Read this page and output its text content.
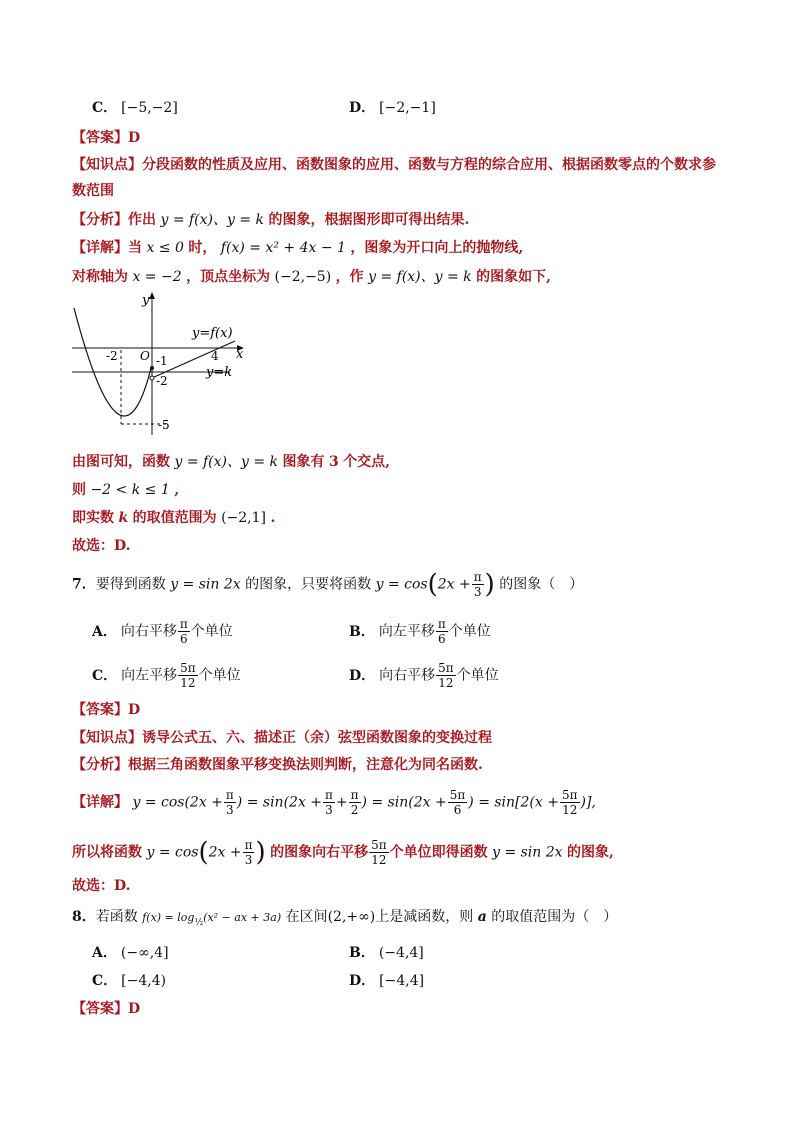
C． [−5,−2]	D． [−2,−1]
【答案】D
【知识点】分段函数的性质及应用、函数图象的应用、函数与方程的综合应用、根据函数零点的个数求参
数范围
【分析】作出 y = f(x)、y = k 的图象，根据图形即可得出结果.
【详解】当 x ≤ 0 时， f(x) = x² + 4x − 1 ，图象为开口向上的抛物线,
对称轴为 x = −2 ，顶点坐标为 (−2,−5) ，作 y = f(x)、y = k 的图象如下,
y
x
O
-2	4
-1
-2
-5
y=f(x)
y=k
由图可知，函数 y = f(x)、y = k 图象有 3 个交点,
则 −2 < k ≤ 1 ,
即实数 k 的取值范围为 (−2,1] .
故选：D.
7．要得到函数 y = sin 2x 的图象，只要将函数 $y = \cos(2x + \frac{\pi}{3}$ ) 的图象（　）
A． 向右平移 $\frac{\pi}{6}$ 个单位	B． 向左平移 $\frac{\pi}{6}$ 个单位
C． 向左平移 $\frac{5\pi}{12}$ 个单位	D． 向右平移 $\frac{5\pi}{12}$ 个单位
【答案】D
【知识点】诱导公式五、六、描述正（余）弦型函数图象的变换过程
【分析】根据三角函数图象平移变换法则判断，注意化为同名函数.
【详解】 $y = \cos(2x + \frac{\pi}{3}$ ) = $\sin(2x + \frac{\pi}{3} + \frac{\pi}{2}$ ) = $\sin(2x + \frac{5\pi}{6}$ ) = $\sin[2(x + \frac{5\pi}{12}$ )],
所以将函数 $y = \cos(2x + \frac{\pi}{3}$ ) 的图象向右平移 $\frac{5\pi}{12}$ 个单位即得函数 y = sin 2x 的图象,
故选：D.
8．若函数 $f(x) = \log_{\frac{1}{2}}(x^2$ − ax + 3a) 在区间(2,+∞)上是减函数，则 a 的取值范围为（　）
A． (−∞,4]	B． (−4,4]
C． [−4,4)	D． [−4,4]
【答案】D
